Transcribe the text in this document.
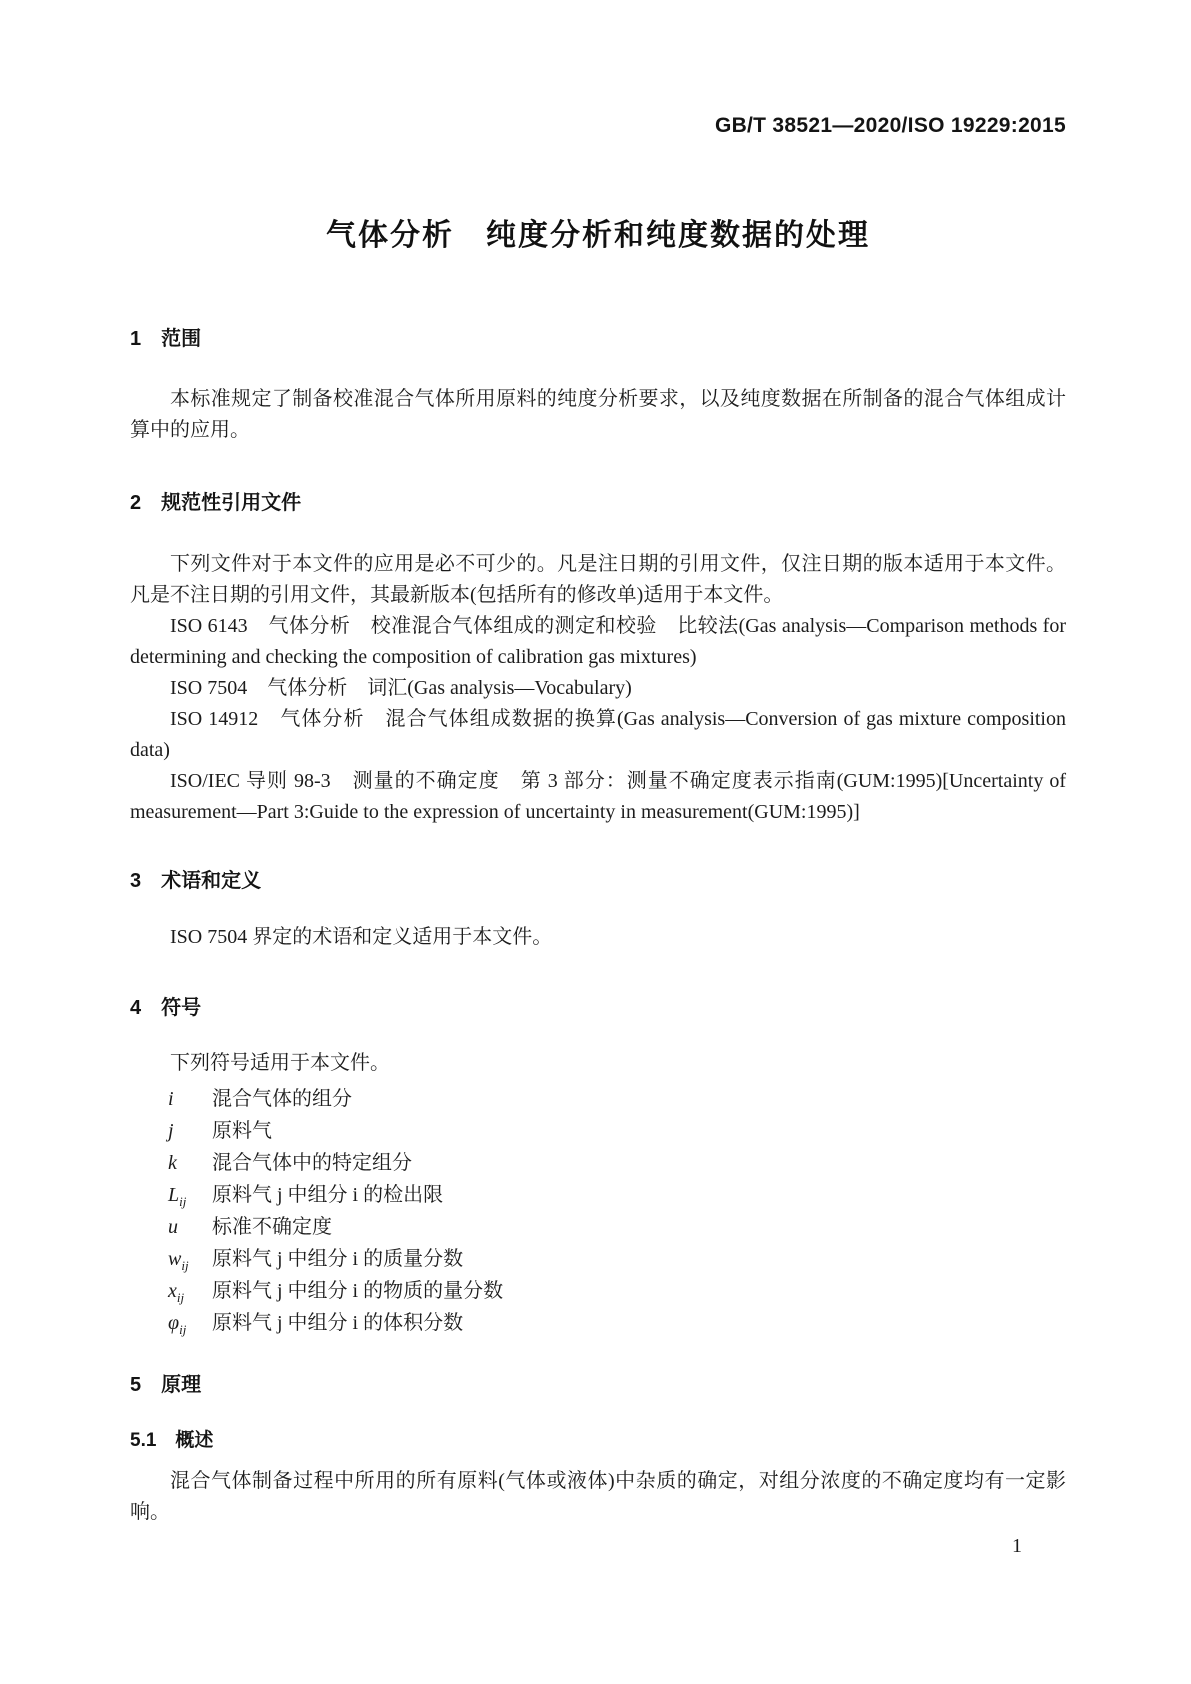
GB/T 38521—2020/ISO 19229:2015
气体分析　纯度分析和纯度数据的处理
1　范围
本标准规定了制备校准混合气体所用原料的纯度分析要求，以及纯度数据在所制备的混合气体组成计算中的应用。
2　规范性引用文件
下列文件对于本文件的应用是必不可少的。凡是注日期的引用文件，仅注日期的版本适用于本文件。凡是不注日期的引用文件，其最新版本(包括所有的修改单)适用于本文件。
ISO 6143　气体分析　校准混合气体组成的测定和校验　比较法(Gas analysis—Comparison methods for determining and checking the composition of calibration gas mixtures)
ISO 7504　气体分析　词汇(Gas analysis—Vocabulary)
ISO 14912　气体分析　混合气体组成数据的换算(Gas analysis—Conversion of gas mixture composition data)
ISO/IEC 导则 98-3　测量的不确定度　第 3 部分：测量不确定度表示指南(GUM:1995)[Uncertainty of measurement—Part 3:Guide to the expression of uncertainty in measurement(GUM:1995)]
3　术语和定义
ISO 7504 界定的术语和定义适用于本文件。
4　符号
下列符号适用于本文件。
i 混合气体的组分
j 原料气
k 混合气体中的特定组分
$L_{ij}$ 原料气 j 中组分 i 的检出限
u 标准不确定度
$w_{ij}$ 原料气 j 中组分 i 的质量分数
$x_{ij}$ 原料气 j 中组分 i 的物质的量分数
$\varphi_{ij}$ 原料气 j 中组分 i 的体积分数
5　原理
5.1　概述
混合气体制备过程中所用的所有原料(气体或液体)中杂质的确定，对组分浓度的不确定度均有一定影响。
1
